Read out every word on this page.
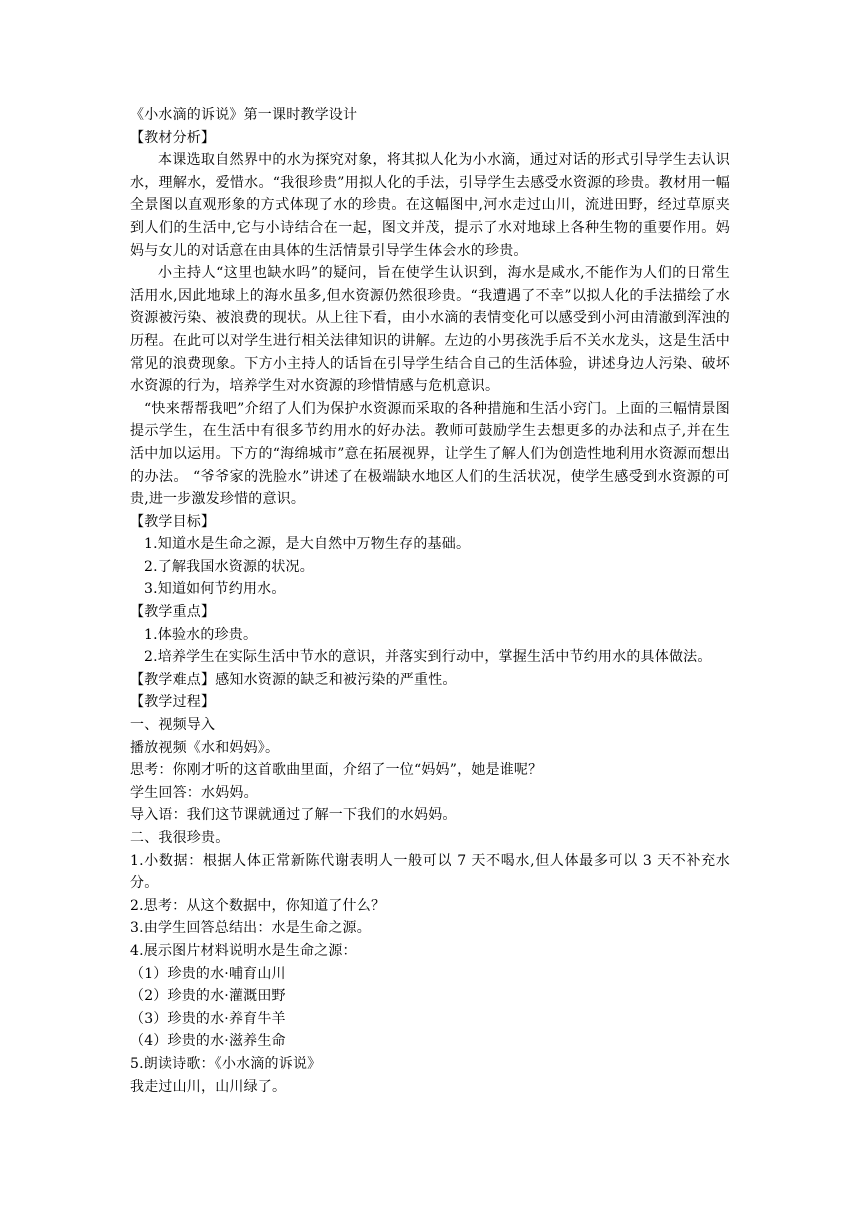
《小水滴的诉说》第一课时教学设计

【教材分析】

本课选取自然界中的水为探究对象，将其拟人化为小水滴，通过对话的形式引导学生去认识水，理解水，爱惜水。“我很珍贵”用拟人化的手法，引导学生去感受水资源的珍贵。教材用一幅全景图以直观形象的方式体现了水的珍贵。在这幅图中,河水走过山川，流进田野，经过草原夹到人们的生活中,它与小诗结合在一起，图文并茂，提示了水对地球上各种生物的重要作用。妈妈与女儿的对话意在由具体的生活情景引导学生体会水的珍贵。

小主持人“这里也缺水吗”的疑问，旨在使学生认识到，海水是咸水,不能作为人们的日常生活用水,因此地球上的海水虽多,但水资源仍然很珍贵。“我遭遇了不幸”以拟人化的手法描绘了水资源被污染、被浪费的现状。从上往下看，由小水滴的表情变化可以感受到小河由清澈到浑浊的历程。在此可以对学生进行相关法律知识的讲解。左边的小男孩洗手后不关水龙头，这是生活中常见的浪费现象。下方小主持人的话旨在引导学生结合自己的生活体验，讲述身边人污染、破坏水资源的行为，培养学生对水资源的珍惜情感与危机意识。

“快来帮帮我吧”介绍了人们为保护水资源而采取的各种措施和生活小窍门。上面的三幅情景图提示学生，在生活中有很多节约用水的好办法。教师可鼓励学生去想更多的办法和点子,并在生活中加以运用。下方的“海绵城市”意在拓展视界，让学生了解人们为创造性地利用水资源而想出的办法。 “爷爷家的洗脸水”讲述了在极端缺水地区人们的生活状况，使学生感受到水资源的可贵,进一步激发珍惜的意识。

【教学目标】

1.知道水是生命之源，是大自然中万物生存的基础。

2.了解我国水资源的状况。

3.知道如何节约用水。

【教学重点】

1.体验水的珍贵。

2.培养学生在实际生活中节水的意识，并落实到行动中，掌握生活中节约用水的具体做法。

【教学难点】感知水资源的缺乏和被污染的严重性。

【教学过程】

一、视频导入

播放视频《水和妈妈》。

思考：你刚才听的这首歌曲里面，介绍了一位“妈妈”，她是谁呢？

学生回答：水妈妈。

导入语：我们这节课就通过了解一下我们的水妈妈。

二、我很珍贵。

1.小数据：根据人体正常新陈代谢表明人一般可以 7 天不喝水,但人体最多可以 3 天不补充水分。

2.思考：从这个数据中，你知道了什么？

3.由学生回答总结出：水是生命之源。

4.展示图片材料说明水是生命之源：

（1）珍贵的水·哺育山川

（2）珍贵的水·灌溉田野

（3）珍贵的水·养育牛羊

（4）珍贵的水·滋养生命

5.朗读诗歌：《小水滴的诉说》

我走过山川，山川绿了。
